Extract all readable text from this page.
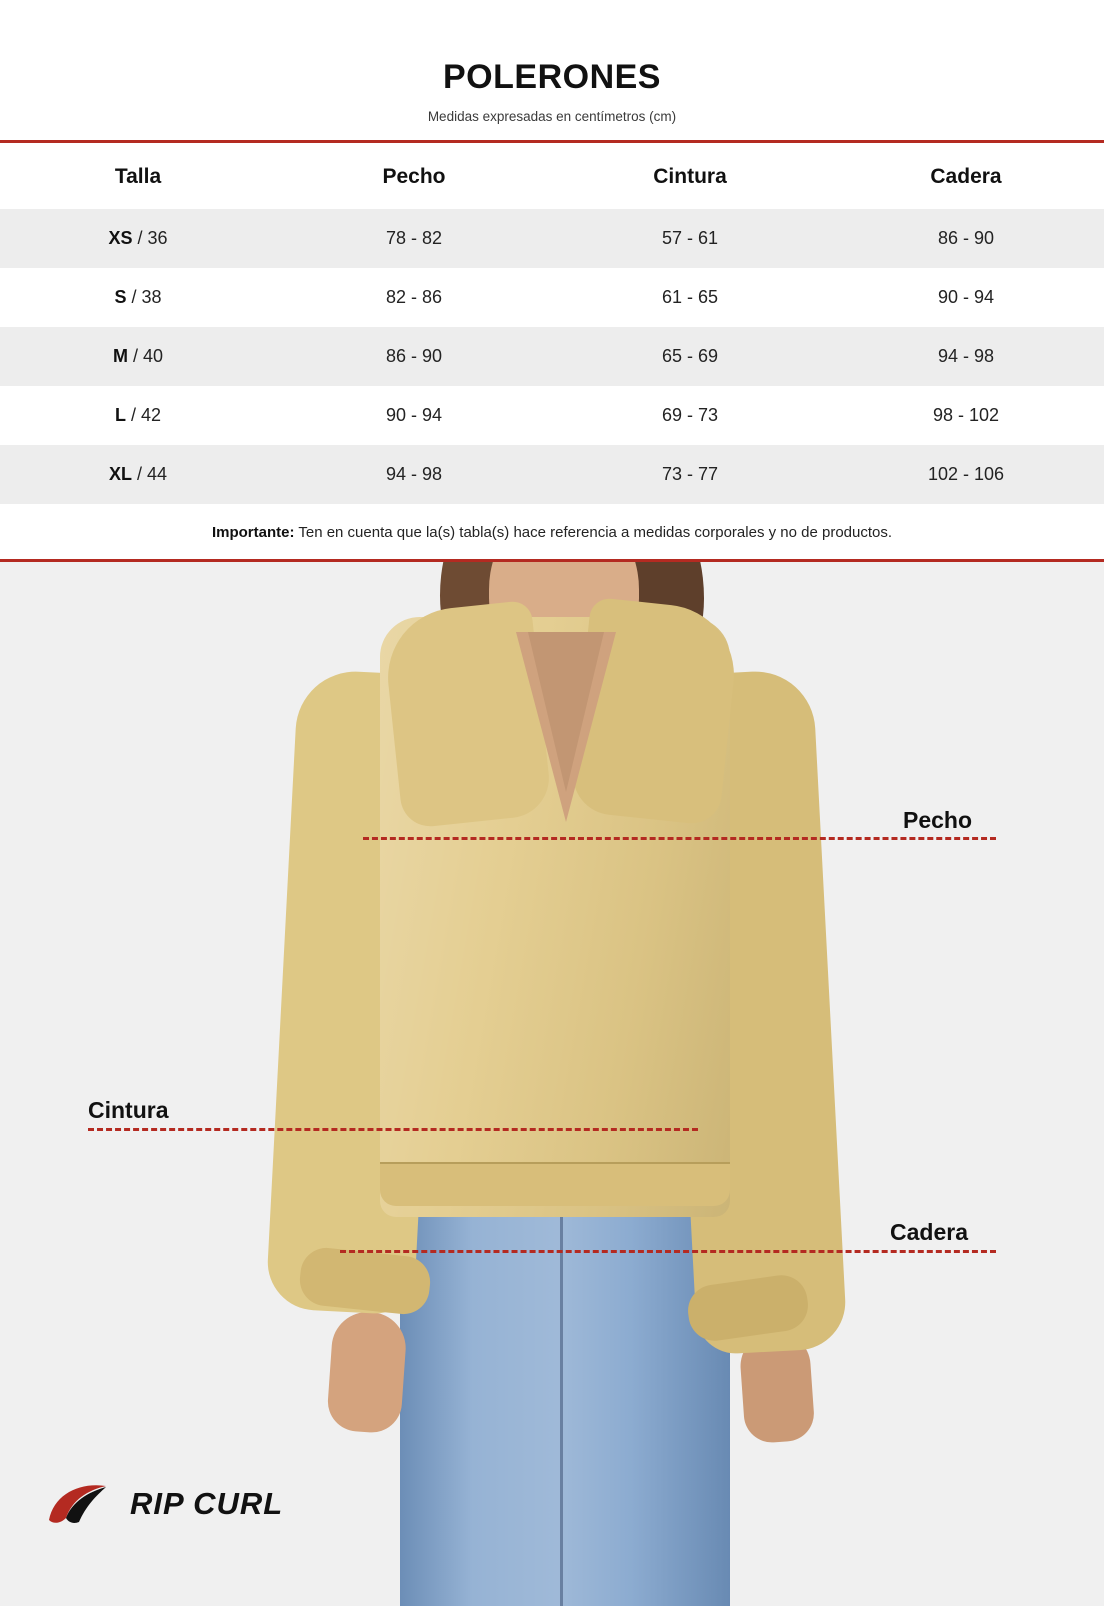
POLERONES

Medidas expresadas en centímetros (cm)

Talla	Pecho	Cintura	Cadera
XS / 36	78 - 82	57 - 61	86 - 90
S / 38	82 - 86	61 - 65	90 - 94
M / 40	86 - 90	65 - 69	94 - 98
L / 42	90 - 94	69 - 73	98 - 102
XL / 44	94 - 98	73 - 77	102 - 106
Importante: Ten en cuenta que la(s) tabla(s) hace referencia a medidas corporales y no de productos.
Pecho
Cintura
Cadera
RIP CURL
